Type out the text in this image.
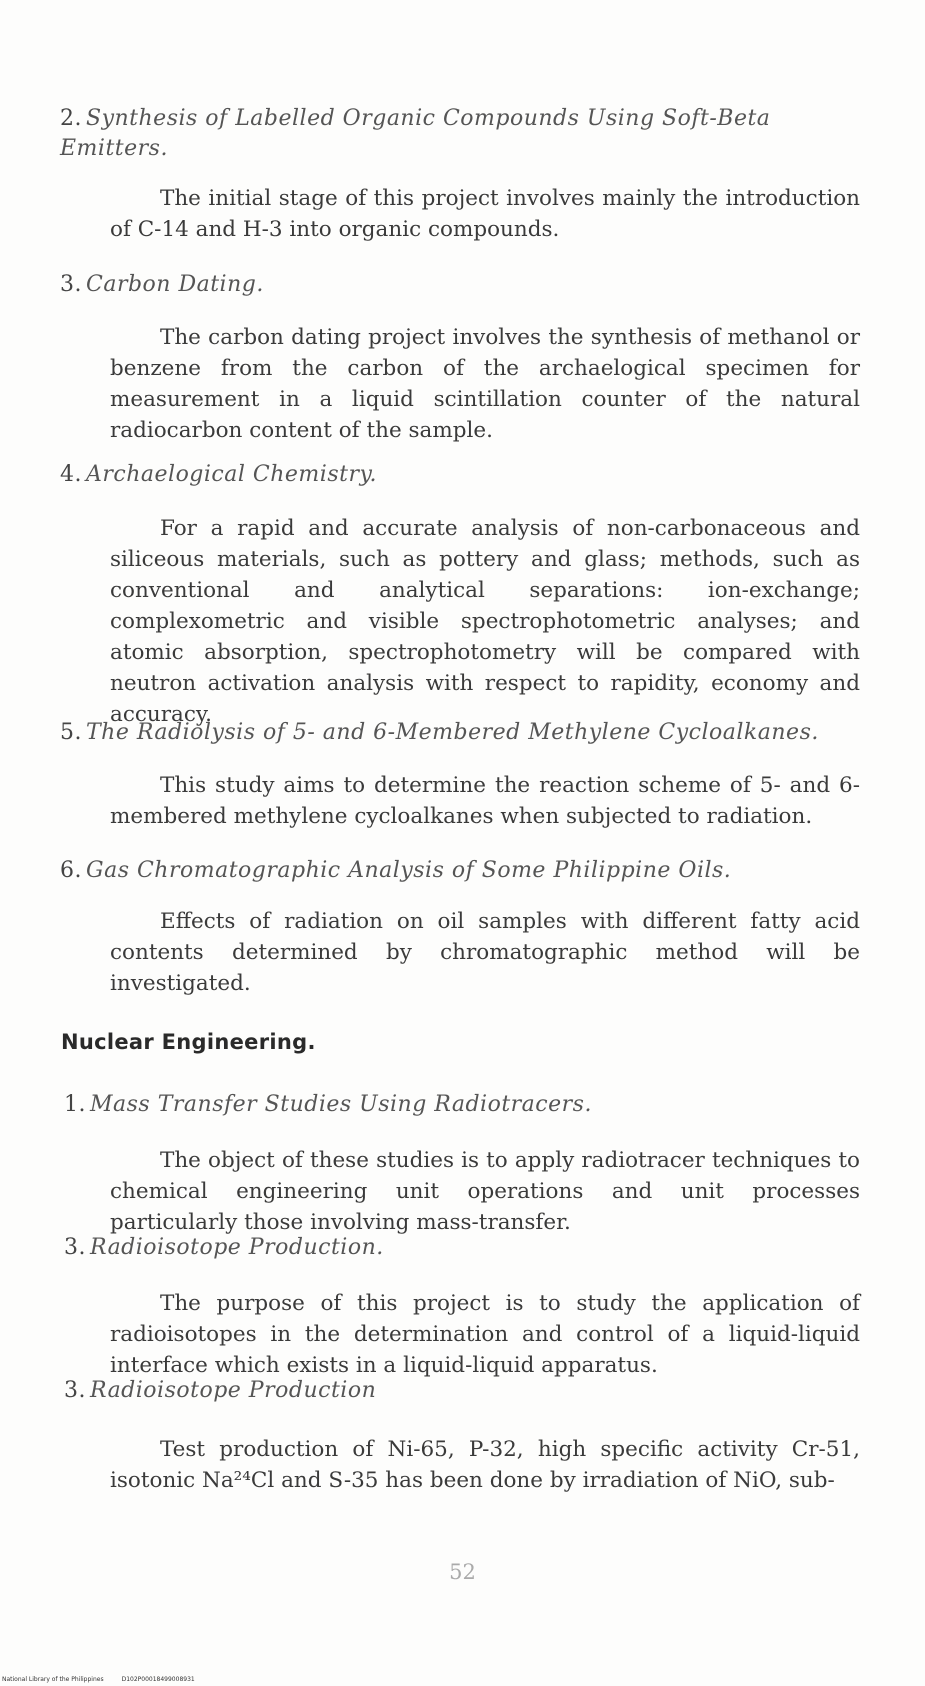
2. Synthesis of Labelled Organic Compounds Using Soft-Beta Emitters.
The initial stage of this project involves mainly the introduction of C-14 and H-3 into organic compounds.
3. Carbon Dating.
The carbon dating project involves the synthesis of methanol or benzene from the carbon of the archaelogical specimen for measurement in a liquid scintillation counter of the natural radiocarbon content of the sample.
4. Archaelogical Chemistry.
For a rapid and accurate analysis of non-carbonaceous and siliceous materials, such as pottery and glass; methods, such as conventional and analytical separations: ion-exchange; complexometric and visible spectrophotometric analyses; and atomic absorption, spectrophotometry will be compared with neutron activation analysis with respect to rapidity, economy and accuracy.
5. The Radiolysis of 5- and 6-Membered Methylene Cycloalkanes.
This study aims to determine the reaction scheme of 5- and 6-membered methylene cycloalkanes when subjected to radiation.
6. Gas Chromatographic Analysis of Some Philippine Oils.
Effects of radiation on oil samples with different fatty acid contents determined by chromatographic method will be investigated.
Nuclear Engineering.
1. Mass Transfer Studies Using Radiotracers.
The object of these studies is to apply radiotracer techniques to chemical engineering unit operations and unit processes particularly those involving mass-transfer.
3. Radioisotope Production.
The purpose of this project is to study the application of radioisotopes in the determination and control of a liquid-liquid interface which exists in a liquid-liquid apparatus.
3. Radioisotope Production
Test production of Ni-65, P-32, high specific activity Cr-51, isotonic Na²⁴Cl and S-35 has been done by irradiation of NiO, sub-
52
National Library of the Philippines	D102P00018499008931
